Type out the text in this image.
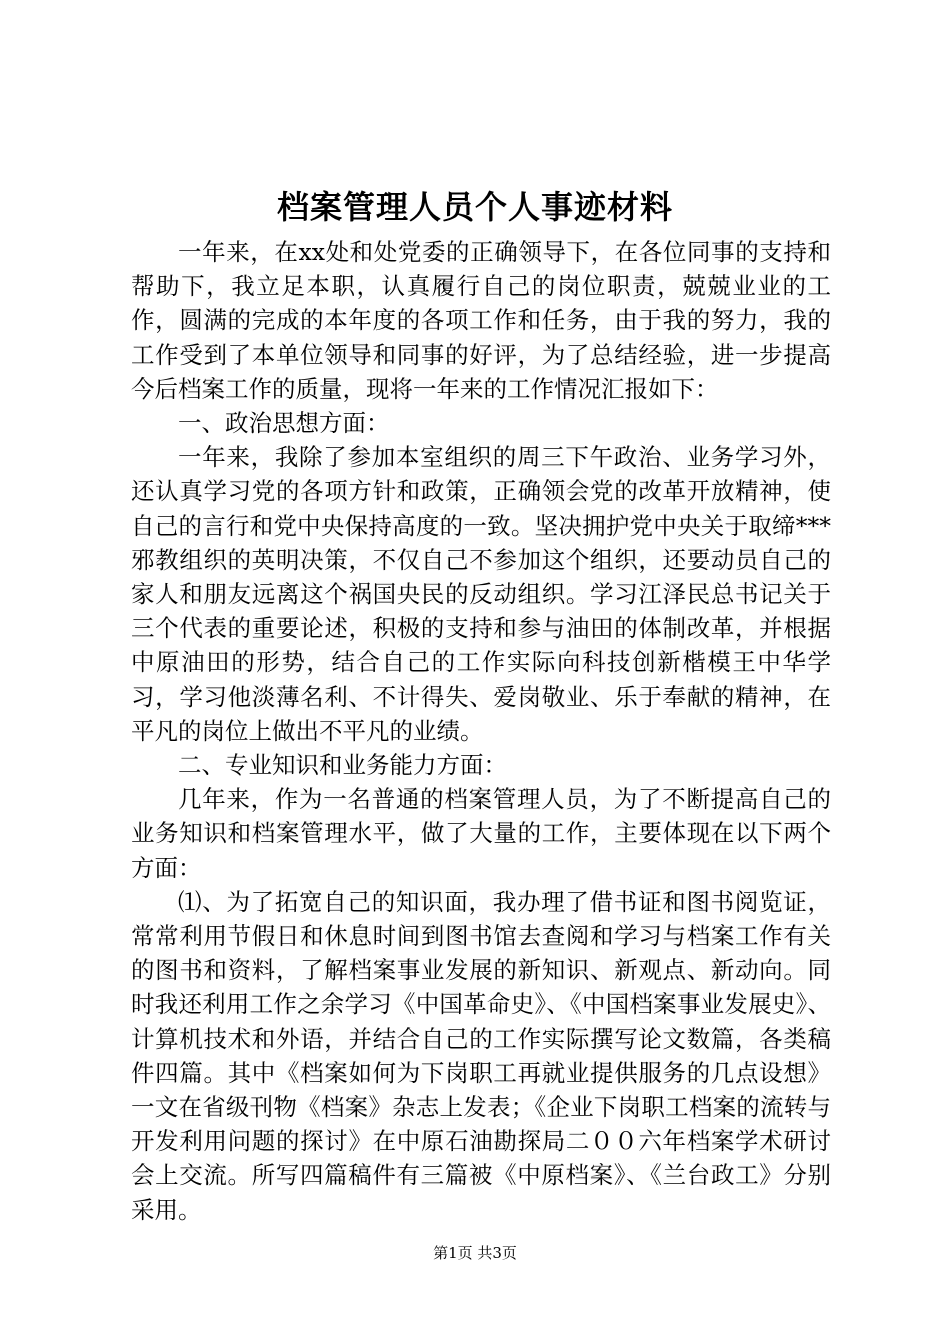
档案管理人员个人事迹材料

一年来，在xx处和处党委的正确领导下，在各位同事的支持和帮助下，我立足本职，认真履行自己的岗位职责，兢兢业业的工作，圆满的完成的本年度的各项工作和任务，由于我的努力，我的工作受到了本单位领导和同事的好评，为了总结经验，进一步提高今后档案工作的质量，现将一年来的工作情况汇报如下：

一、政治思想方面：

一年来，我除了参加本室组织的周三下午政治、业务学习外，还认真学习党的各项方针和政策，正确领会党的改革开放精神，使自己的言行和党中央保持高度的一致。坚决拥护党中央关于取缔***邪教组织的英明决策，不仅自己不参加这个组织，还要动员自己的家人和朋友远离这个祸国央民的反动组织。学习江泽民总书记关于三个代表的重要论述，积极的支持和参与油田的体制改革，并根据中原油田的形势，结合自己的工作实际向科技创新楷模王中华学习，学习他淡薄名利、不计得失、爱岗敬业、乐于奉献的精神，在平凡的岗位上做出不平凡的业绩。

二、专业知识和业务能力方面：

几年来，作为一名普通的档案管理人员，为了不断提高自己的业务知识和档案管理水平，做了大量的工作，主要体现在以下两个方面：

⑴、为了拓宽自己的知识面，我办理了借书证和图书阅览证，常常利用节假日和休息时间到图书馆去查阅和学习与档案工作有关的图书和资料，了解档案事业发展的新知识、新观点、新动向。同时我还利用工作之余学习《中国革命史》、《中国档案事业发展史》、计算机技术和外语，并结合自己的工作实际撰写论文数篇，各类稿件四篇。其中《档案如何为下岗职工再就业提供服务的几点设想》一文在省级刊物《档案》杂志上发表；《企业下岗职工档案的流转与开发利用问题的探讨》在中原石油勘探局二００六年档案学术研讨会上交流。所写四篇稿件有三篇被《中原档案》、《兰台政工》分别采用。

第1页 共3页
